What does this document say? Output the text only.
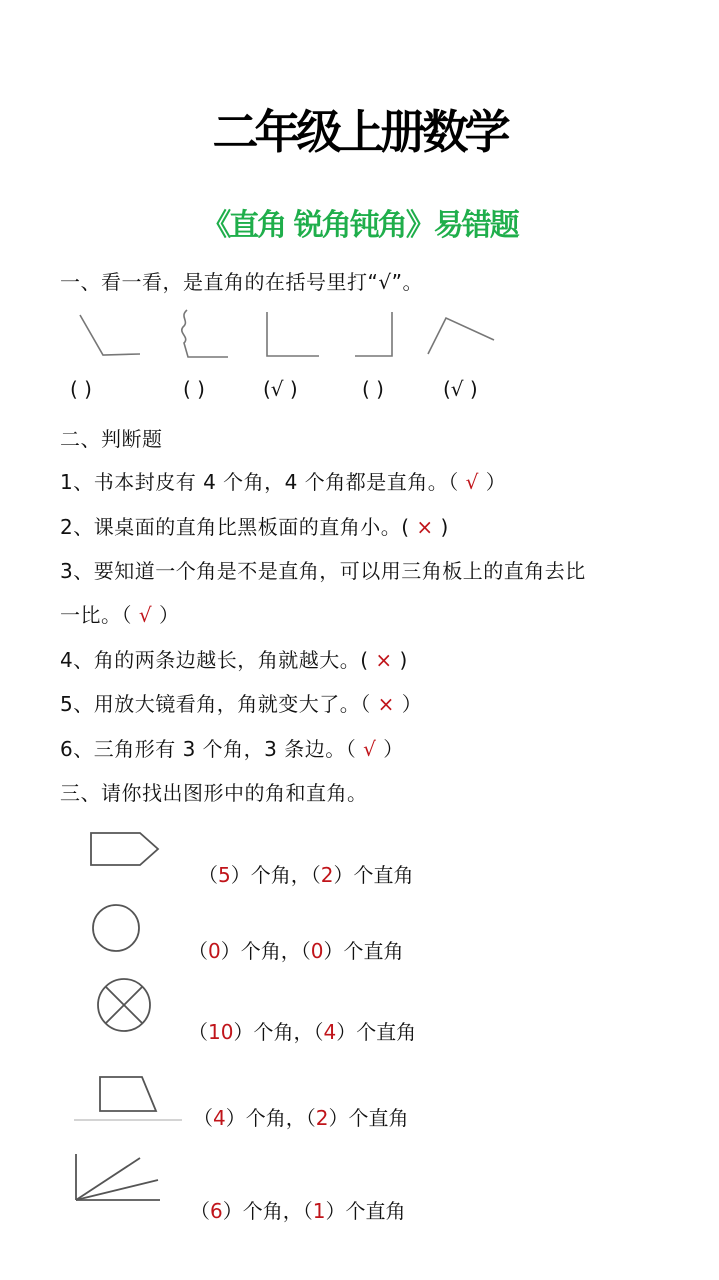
二年级上册数学
《直角 锐角钝角》易错题
一、看一看，是直角的在括号里打“√”。
( )	( )	(√ )	( )	(√ )
二、判断题
1、书本封皮有 4 个角，4 个角都是直角。（ √ ）
2、课桌面的直角比黑板面的直角小。( × )
3、要知道一个角是不是直角，可以用三角板上的直角去比
一比。（ √ ）
4、角的两条边越长，角就越大。( × )
5、用放大镜看角，角就变大了。（ × ）
6、三角形有 3 个角，3 条边。（ √ ）
三、请你找出图形中的角和直角。
（5）个角，（2）个直角
（0）个角，（0）个直角
（10）个角，（4）个直角
（4）个角，（2）个直角
（6）个角，（1）个直角
